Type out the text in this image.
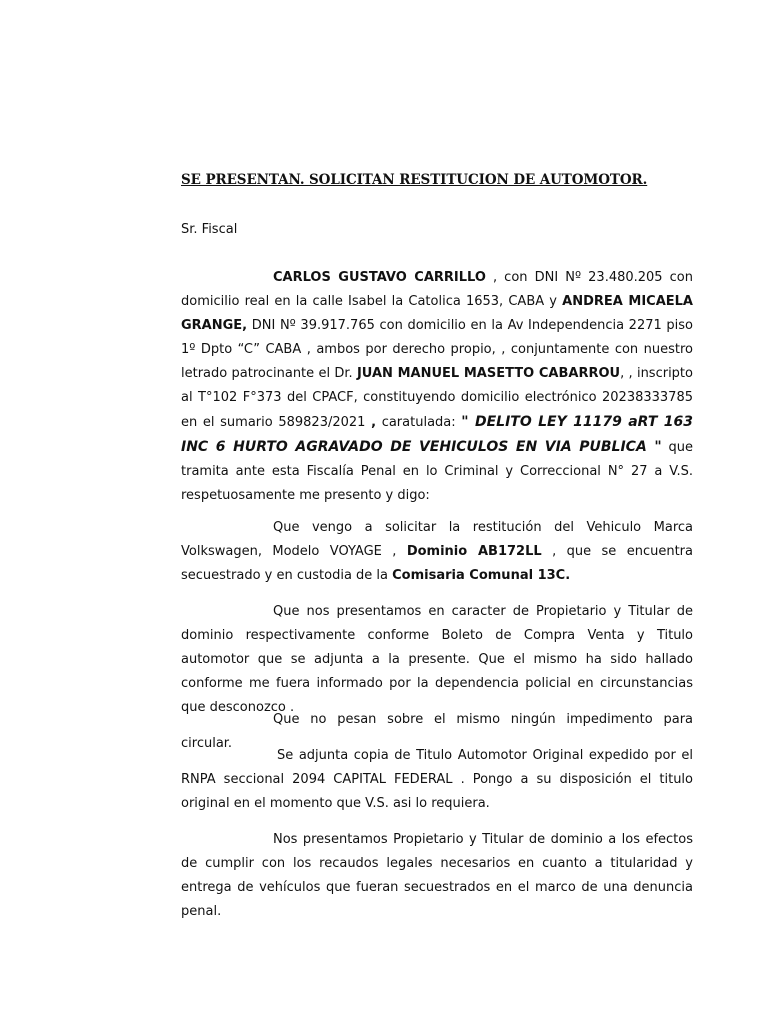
SE PRESENTAN. SOLICITAN RESTITUCION DE AUTOMOTOR.
Sr. Fiscal
CARLOS GUSTAVO CARRILLO , con DNI Nº 23.480.205 con domicilio real en la calle Isabel la Catolica 1653, CABA y ANDREA MICAELA GRANGE, DNI Nº 39.917.765 con domicilio en la Av Independencia 2271 piso 1º Dpto “C” CABA , ambos por derecho propio, , conjuntamente con nuestro letrado patrocinante el Dr. JUAN MANUEL MASETTO CABARROU, , inscripto al T°102 F°373 del CPACF, constituyendo domicilio electrónico 20238333785 en el sumario 589823/2021 , caratulada: " DELITO LEY 11179 aRT 163 INC 6 HURTO AGRAVADO DE VEHICULOS EN VIA PUBLICA " que tramita ante esta Fiscalía Penal en lo Criminal y Correccional N° 27 a V.S. respetuosamente me presento y digo:
Que vengo a solicitar la restitución del Vehiculo Marca Volkswagen, Modelo VOYAGE , Dominio AB172LL , que se encuentra secuestrado y en custodia de la Comisaria Comunal 13C.
Que nos presentamos en caracter de Propietario y Titular de dominio respectivamente conforme Boleto de Compra Venta y Titulo automotor que se adjunta a la presente. Que el mismo ha sido hallado conforme me fuera informado por la dependencia policial en circunstancias que desconozco .
Que no pesan sobre el mismo ningún impedimento para circular.
Se adjunta copia de Titulo Automotor Original expedido por el RNPA seccional 2094 CAPITAL FEDERAL . Pongo a su disposición el titulo original en el momento que V.S. asi lo requiera.
Nos presentamos Propietario y Titular de dominio a los efectos de cumplir con los recaudos legales necesarios en cuanto a titularidad y entrega de vehículos que fueran secuestrados en el marco de una denuncia penal.
